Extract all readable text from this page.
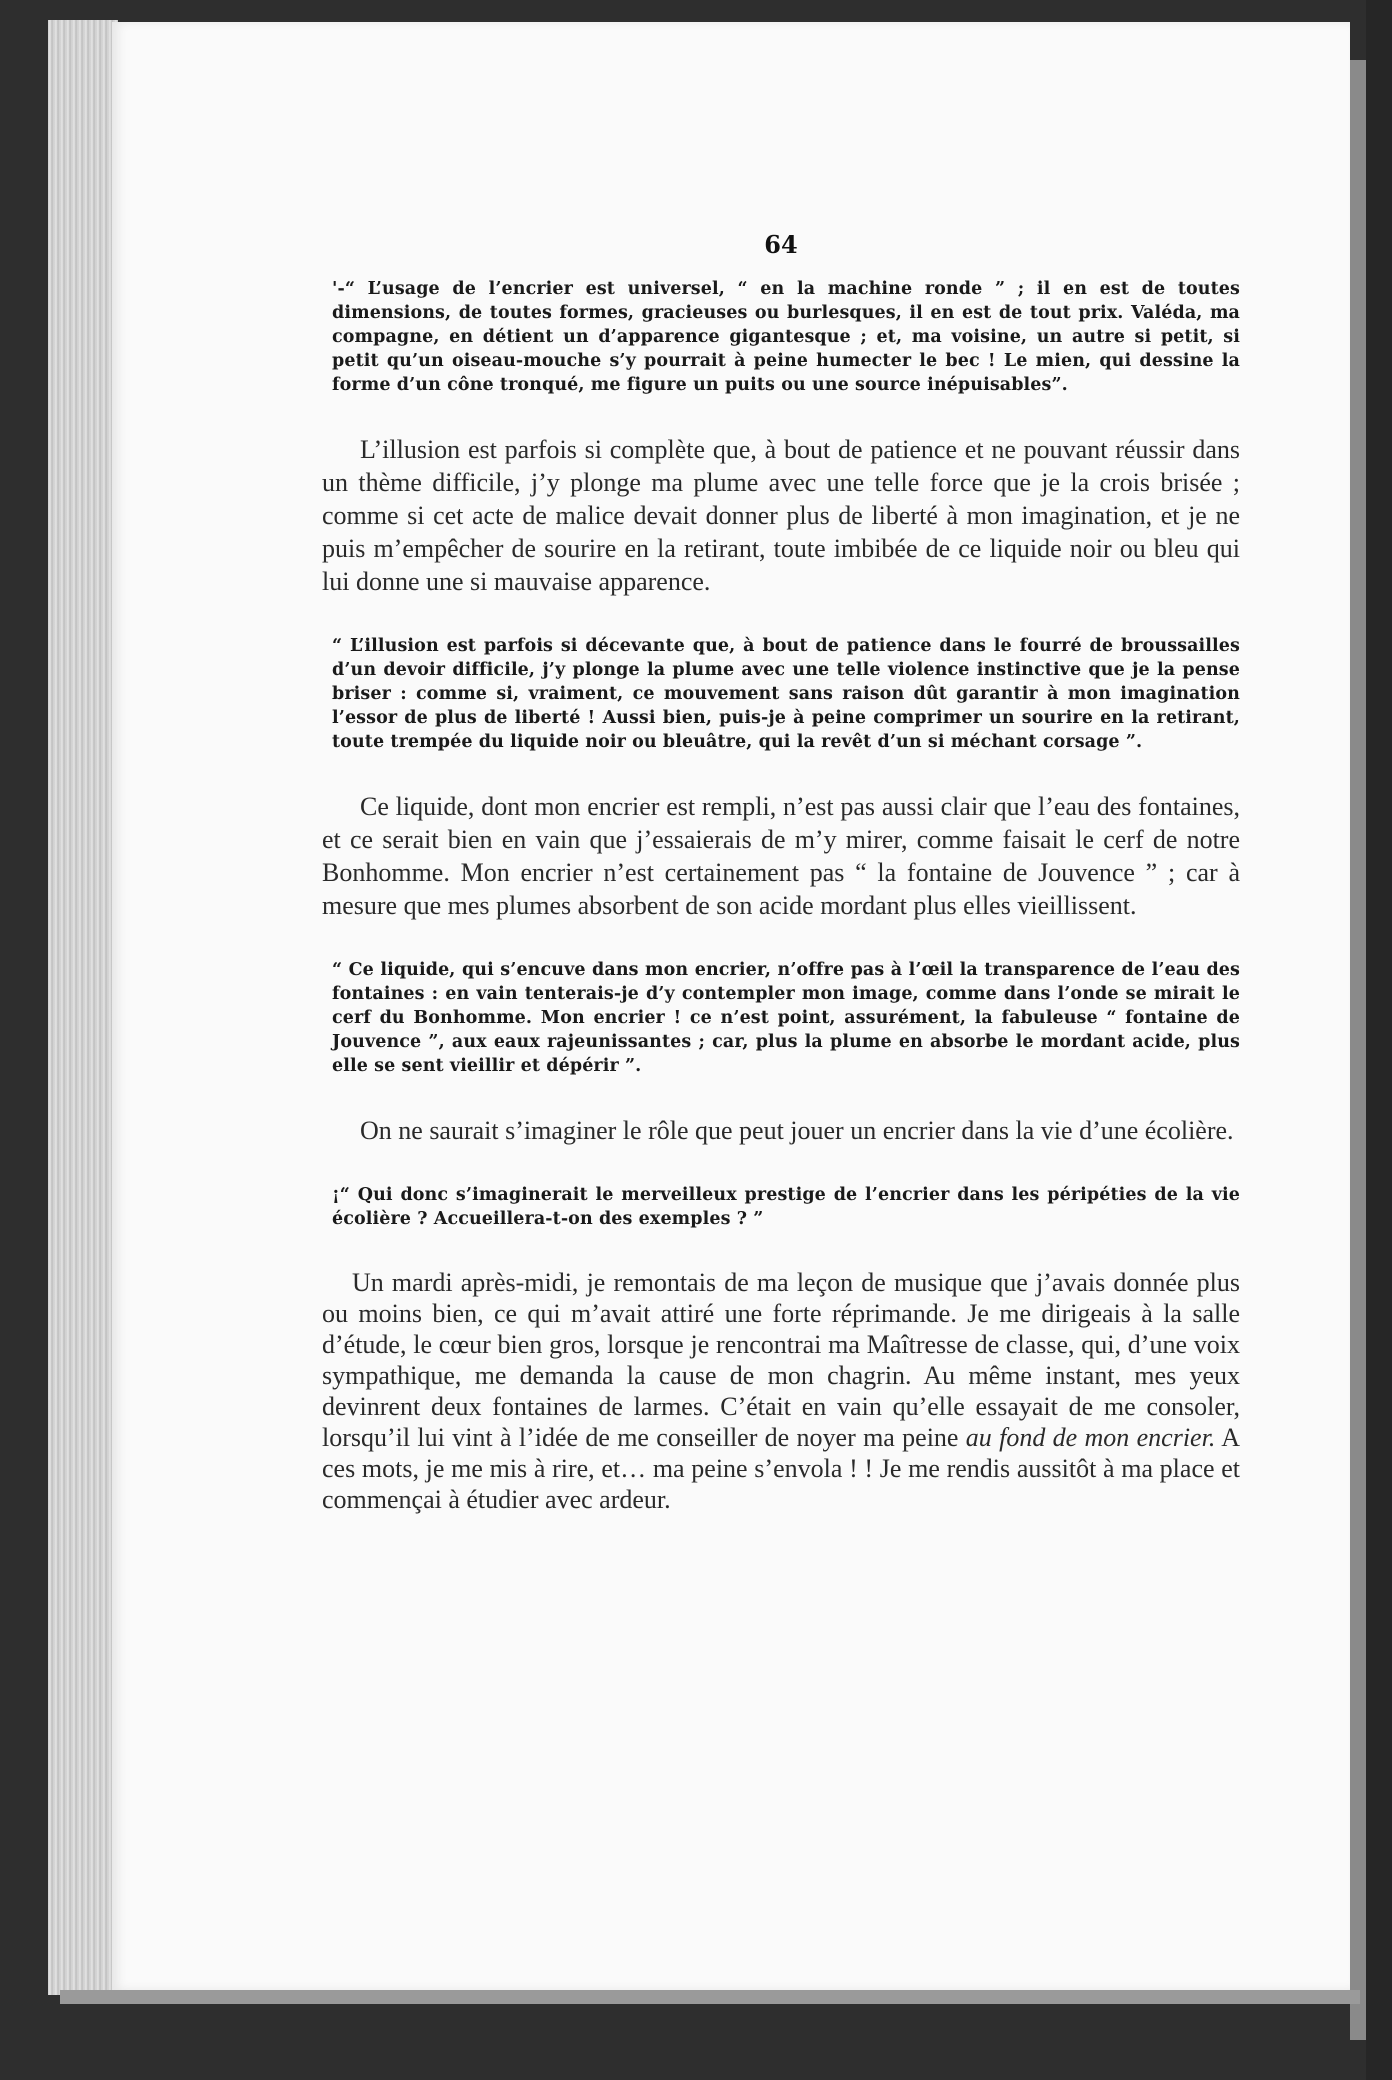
64

'-“ L’usage de l’encrier est universel, “ en la machine ronde ” ; il en est de toutes dimensions, de toutes formes, gracieuses ou burlesques, il en est de tout prix. Valéda, ma compagne, en détient un d’apparence gigantesque ; et, ma voisine, un autre si petit, si petit qu’un oiseau-mouche s’y pourrait à peine humecter le bec ! Le mien, qui dessine la forme d’un cône tronqué, me figure un puits ou une source inépuisables”.

L’illusion est parfois si complète que, à bout de patience et ne pouvant réussir dans un thème difficile, j’y plonge ma plume avec une telle force que je la crois brisée ; comme si cet acte de malice devait donner plus de liberté à mon imagination, et je ne puis m’empêcher de sourire en la retirant, toute imbibée de ce liquide noir ou bleu qui lui donne une si mauvaise apparence.

“ L’illusion est parfois si décevante que, à bout de patience dans le fourré de broussailles d’un devoir difficile, j’y plonge la plume avec une telle violence instinctive que je la pense briser : comme si, vraiment, ce mouvement sans raison dût garantir à mon imagination l’essor de plus de liberté ! Aussi bien, puis-je à peine comprimer un sourire en la retirant, toute trempée du liquide noir ou bleuâtre, qui la revêt d’un si méchant corsage ”.

Ce liquide, dont mon encrier est rempli, n’est pas aussi clair que l’eau des fontaines, et ce serait bien en vain que j’essaierais de m’y mirer, comme faisait le cerf de notre Bonhomme. Mon encrier n’est certainement pas “ la fontaine de Jouvence ” ; car à mesure que mes plumes absorbent de son acide mordant plus elles vieillissent.

“ Ce liquide, qui s’encuve dans mon encrier, n’offre pas à l’œil la transparence de l’eau des fontaines : en vain tenterais-je d’y contempler mon image, comme dans l’onde se mirait le cerf du Bonhomme. Mon encrier ! ce n’est point, assurément, la fabuleuse “ fontaine de Jouvence ”, aux eaux rajeunissantes ; car, plus la plume en absorbe le mordant acide, plus elle se sent vieillir et dépérir ”.

On ne saurait s’imaginer le rôle que peut jouer un encrier dans la vie d’une écolière.

¡“ Qui donc s’imaginerait le merveilleux prestige de l’encrier dans les péripéties de la vie écolière ? Accueillera-t-on des exemples ? ”

Un mardi après-midi, je remontais de ma leçon de musique que j’avais donnée plus ou moins bien, ce qui m’avait attiré une forte réprimande. Je me dirigeais à la salle d’étude, le cœur bien gros, lorsque je rencontrai ma Maîtresse de classe, qui, d’une voix sympathique, me demanda la cause de mon chagrin. Au même instant, mes yeux devinrent deux fontaines de larmes. C’était en vain qu’elle essayait de me consoler, lorsqu’il lui vint à l’idée de me conseiller de noyer ma peine au fond de mon encrier. A ces mots, je me mis à rire, et… ma peine s’envola ! ! Je me rendis aussitôt à ma place et commençai à étudier avec ardeur.
